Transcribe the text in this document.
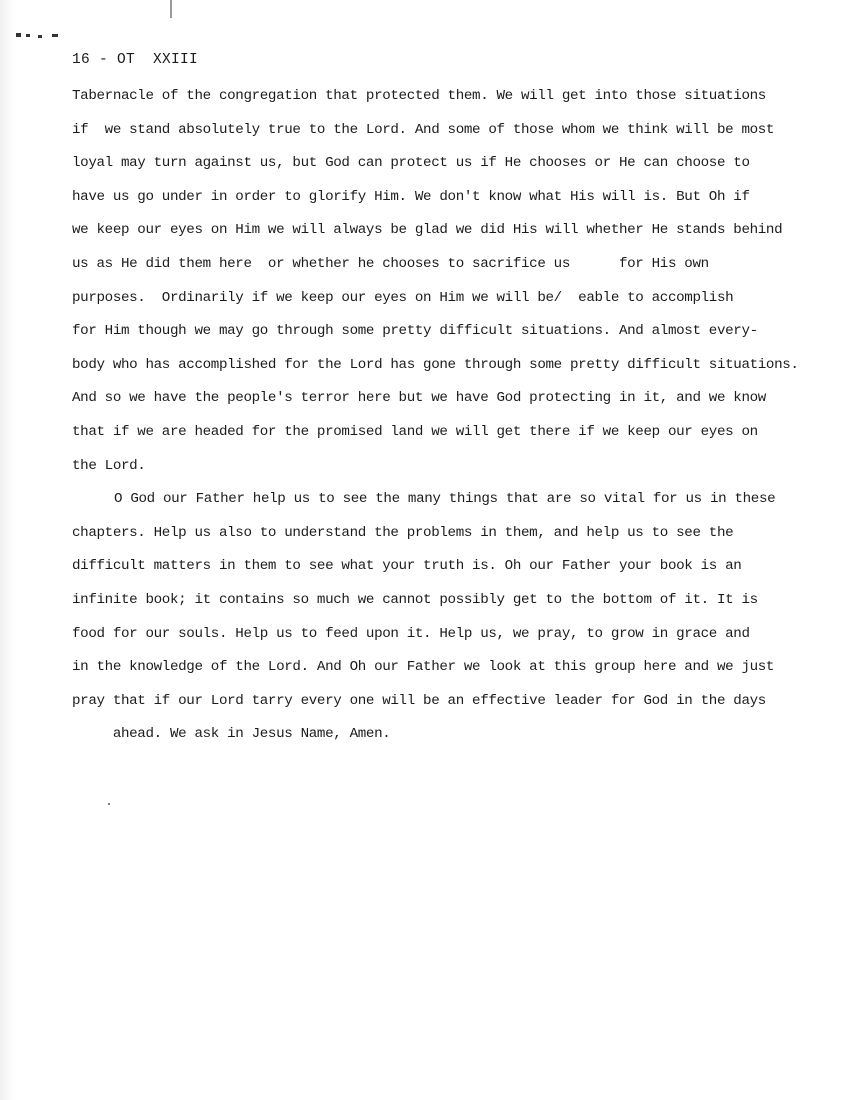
16 - OT  XXIII
Tabernacle of the congregation that protected them. We will get into those situations
if  we stand absolutely true to the Lord. And some of those whom we think will be most
loyal may turn against us, but God can protect us if He chooses or He can choose to
have us go under in order to glorify Him. We don't know what His will is. But Oh if
we keep our eyes on Him we will always be glad we did His will whether He stands behind
us as He did them here  or whether he chooses to sacrifice us      for His own
purposes.  Ordinarily if we keep our eyes on Him we will be/  eable to accomplish
for Him though we may go through some pretty difficult situations. And almost every-
body who has accomplished for the Lord has gone through some pretty difficult situations.
And so we have the people's terror here but we have God protecting in it, and we know
that if we are headed for the promised land we will get there if we keep our eyes on
the Lord.
O God our Father help us to see the many things that are so vital for us in these
chapters. Help us also to understand the problems in them, and help us to see the
difficult matters in them to see what your truth is. Oh our Father your book is an
infinite book; it contains so much we cannot possibly get to the bottom of it. It is
food for our souls. Help us to feed upon it. Help us, we pray, to grow in grace and
in the knowledge of the Lord. And Oh our Father we look at this group here and we just
pray that if our Lord tarry every one will be an effective leader for God in the days
ahead. We ask in Jesus Name, Amen.
